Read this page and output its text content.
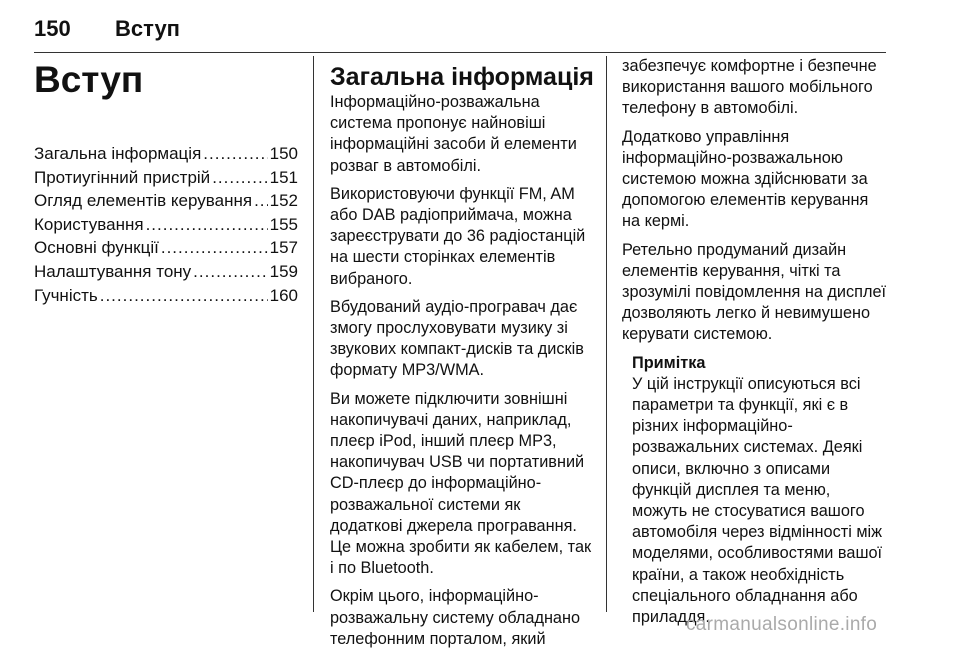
150 Вступ
Вступ
Загальна інформація .....	150
Протиугінний пристрій .....	151
Огляд елементів керування ..... 152
Користування .....	155
Основні функції .....	157
Налаштування тону .....	159
Гучність .....	160
Загальна інформація

Інформаційно-розважальна система пропонує найновіші інформаційні засоби й елементи розваг в автомобілі.

Використовуючи функції FM, AM або DAB радіоприймача, можна зареєструвати до 36 радіостанцій на шести сторінках елементів вибраного.

Вбудований аудіо-програвач дає змогу прослуховувати музику зі звукових компакт-дисків та дисків формату MP3/WMA.

Ви можете підключити зовнішні накопичувачі даних, наприклад, плеєр iPod, інший плеєр MP3, накопичувач USB чи портативний CD-плеєр до інформаційно-розважальної системи як додаткові джерела програвання. Це можна зробити як кабелем, так і по Bluetooth.

Окрім цього, інформаційно-розважальну систему обладнано телефонним порталом, який

забезпечує комфортне і безпечне використання вашого мобільного телефону в автомобілі.

Додатково управління інформаційно-розважальною системою можна здійснювати за допомогою елементів керування на кермі.

Ретельно продуманий дизайн елементів керування, чіткі та зрозумілі повідомлення на дисплеї дозволяють легко й невимушено керувати системою.

Примітка

У цій інструкції описуються всі параметри та функції, які є в різних інформаційно-розважальних системах. Деякі описи, включно з описами функцій дисплея та меню, можуть не стосуватися вашого автомобіля через відмінності між моделями, особливостями вашої країни, а також необхідність спеціального обладнання або приладдя.

carmanualsonline.info
